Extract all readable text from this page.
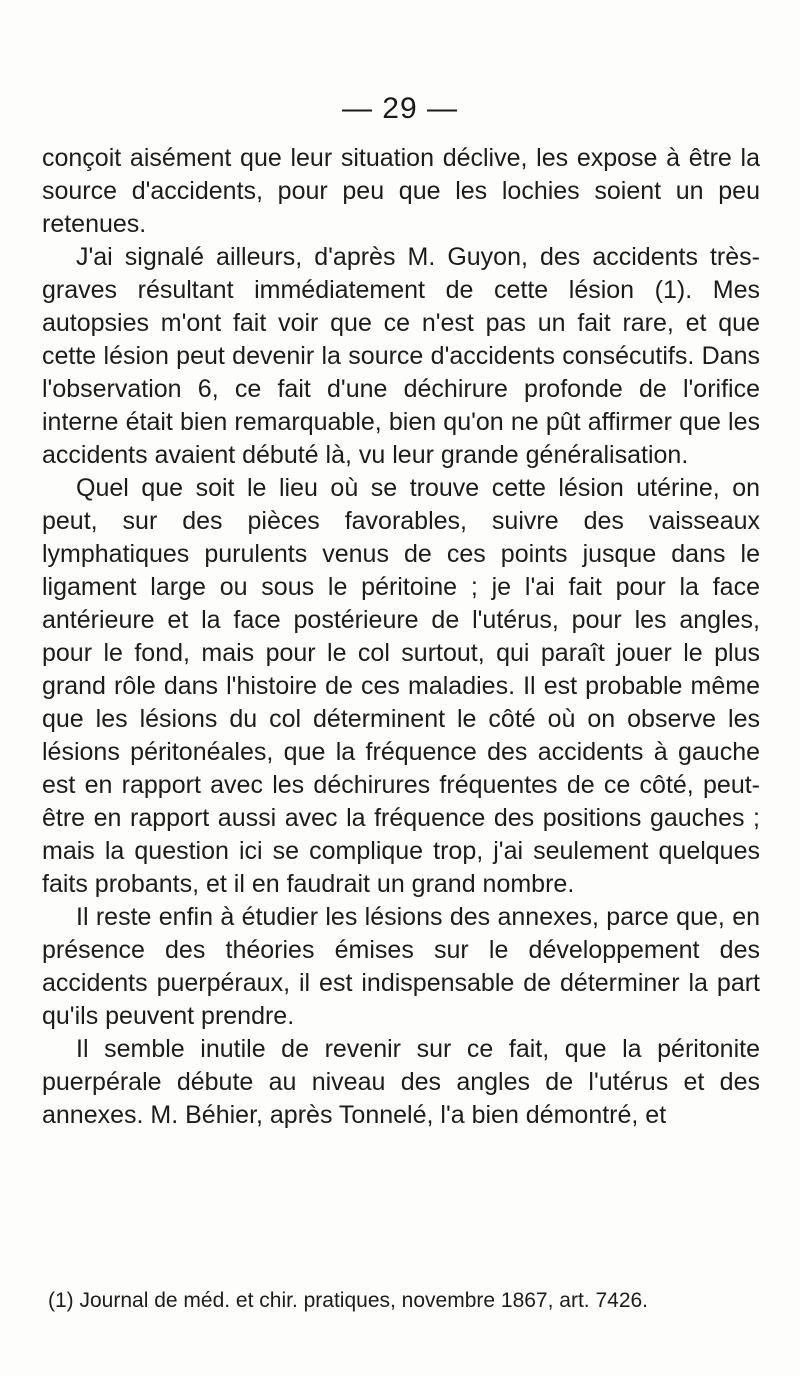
— 29 —

conçoit aisément que leur situation déclive, les expose à être la source d'accidents, pour peu que les lochies soient un peu retenues.

J'ai signalé ailleurs, d'après M. Guyon, des accidents très-graves résultant immédiatement de cette lésion (1). Mes autopsies m'ont fait voir que ce n'est pas un fait rare, et que cette lésion peut devenir la source d'accidents consécutifs. Dans l'observation 6, ce fait d'une déchirure profonde de l'orifice interne était bien remarquable, bien qu'on ne pût affirmer que les accidents avaient débuté là, vu leur grande généralisation.

Quel que soit le lieu où se trouve cette lésion utérine, on peut, sur des pièces favorables, suivre des vaisseaux lymphatiques purulents venus de ces points jusque dans le ligament large ou sous le péritoine ; je l'ai fait pour la face antérieure et la face postérieure de l'utérus, pour les angles, pour le fond, mais pour le col surtout, qui paraît jouer le plus grand rôle dans l'histoire de ces maladies. Il est probable même que les lésions du col déterminent le côté où on observe les lésions péritonéales, que la fréquence des accidents à gauche est en rapport avec les déchirures fréquentes de ce côté, peut-être en rapport aussi avec la fréquence des positions gauches ; mais la question ici se complique trop, j'ai seulement quelques faits probants, et il en faudrait un grand nombre.

Il reste enfin à étudier les lésions des annexes, parce que, en présence des théories émises sur le développement des accidents puerpéraux, il est indispensable de déterminer la part qu'ils peuvent prendre.

Il semble inutile de revenir sur ce fait, que la péritonite puerpérale débute au niveau des angles de l'utérus et des annexes. M. Béhier, après Tonnelé, l'a bien démontré, et

(1) Journal de méd. et chir. pratiques, novembre 1867, art. 7426.
